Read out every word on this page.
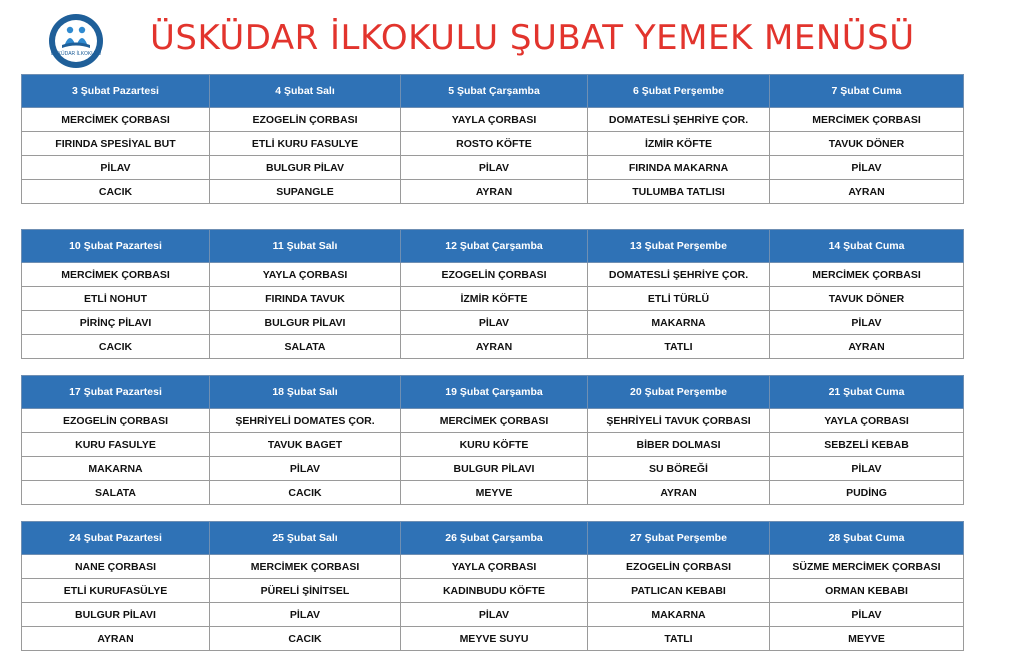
ÜSKÜDAR İLKOKULU ÜSKÜDAR İLKOKULU ŞUBAT YEMEK MENÜSÜ
3 Şubat Pazartesi	4 Şubat Salı	5 Şubat Çarşamba	6 Şubat Perşembe	7 Şubat Cuma
MERCİMEK ÇORBASI	EZOGELİN ÇORBASI	YAYLA ÇORBASI	DOMATESLİ ŞEHRİYE ÇOR.	MERCİMEK ÇORBASI
FIRINDA SPESİYAL BUT	ETLİ KURU FASULYE	ROSTO KÖFTE	İZMİR KÖFTE	TAVUK DÖNER
PİLAV	BULGUR PİLAV	PİLAV	FIRINDA MAKARNA	PİLAV
CACIK	SUPANGLE	AYRAN	TULUMBA TATLISI	AYRAN
10 Şubat Pazartesi	11 Şubat Salı	12 Şubat Çarşamba	13 Şubat Perşembe	14 Şubat Cuma
MERCİMEK ÇORBASI	YAYLA ÇORBASI	EZOGELİN ÇORBASI	DOMATESLİ ŞEHRİYE ÇOR.	MERCİMEK ÇORBASI
ETLİ NOHUT	FIRINDA TAVUK	İZMİR KÖFTE	ETLİ TÜRLÜ	TAVUK DÖNER
PİRİNÇ PİLAVI	BULGUR PİLAVI	PİLAV	MAKARNA	PİLAV
CACIK	SALATA	AYRAN	TATLI	AYRAN
17 Şubat Pazartesi	18 Şubat Salı	19 Şubat Çarşamba	20 Şubat Perşembe	21 Şubat Cuma
EZOGELİN ÇORBASI	ŞEHRİYELİ DOMATES ÇOR.	MERCİMEK ÇORBASI	ŞEHRİYELİ TAVUK ÇORBASI	YAYLA ÇORBASI
KURU FASULYE	TAVUK BAGET	KURU KÖFTE	BİBER DOLMASI	SEBZELİ KEBAB
MAKARNA	PİLAV	BULGUR PİLAVI	SU BÖREĞİ	PİLAV
SALATA	CACIK	MEYVE	AYRAN	PUDİNG
24 Şubat Pazartesi	25 Şubat Salı	26 Şubat Çarşamba	27 Şubat Perşembe	28 Şubat Cuma
NANE ÇORBASI	MERCİMEK ÇORBASI	YAYLA ÇORBASI	EZOGELİN ÇORBASI	SÜZME MERCİMEK ÇORBASI
ETLİ KURUFASÜLYE	PÜRELİ ŞİNİTSEL	KADINBUDU KÖFTE	PATLICAN KEBABI	ORMAN KEBABI
BULGUR PİLAVI	PİLAV	PİLAV	MAKARNA	PİLAV
AYRAN	CACIK	MEYVE SUYU	TATLI	MEYVE
